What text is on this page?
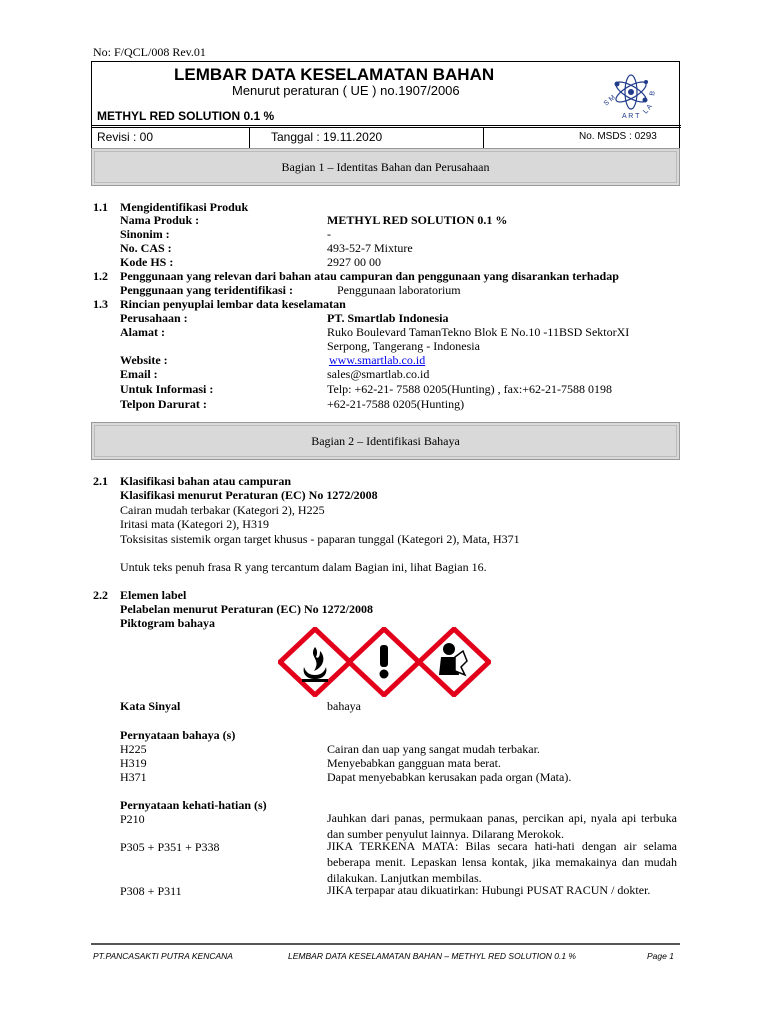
No: F/QCL/008 Rev.01
LEMBAR DATA KESELAMATAN BAHAN
Menurut peraturan ( UE ) no.1907/2006
METHYL RED SOLUTION 0.1 %
Revisi : 00	Tanggal : 19.11.2020	No. MSDS : 0293
S M
A R T
L A
B
Bagian 1 – Identitas Bahan dan Perusahaan
1.1 Mengidentifikasi Produk
Nama Produk :	METHYL RED SOLUTION 0.1 %
Sinonim :	-
No. CAS :	493-52-7 Mixture
Kode HS :	2927 00 00
1.2 Penggunaan yang relevan dari bahan atau campuran dan penggunaan yang disarankan terhadap
Penggunaan yang teridentifikasi :	Penggunaan laboratorium
1.3 Rincian penyuplai lembar data keselamatan
Perusahaan :	PT. Smartlab Indonesia
Alamat :	Ruko Boulevard TamanTekno Blok E No.10 -11BSD SektorXI
Serpong, Tangerang - Indonesia
Website :	www.smartlab.co.id
Email :	sales@smartlab.co.id
Untuk Informasi :	Telp: +62-21- 7588 0205(Hunting) , fax:+62-21-7588 0198
Telpon Darurat :	+62-21-7588 0205(Hunting)
Bagian 2 – Identifikasi Bahaya
2.1 Klasifikasi bahan atau campuran
Klasifikasi menurut Peraturan (EC) No 1272/2008
Cairan mudah terbakar (Kategori 2), H225
Iritasi mata (Kategori 2), H319
Toksisitas sistemik organ target khusus - paparan tunggal (Kategori 2), Mata, H371
Untuk teks penuh frasa R yang tercantum dalam Bagian ini, lihat Bagian 16.
2.2 Elemen label
Pelabelan menurut Peraturan (EC) No 1272/2008
Piktogram bahaya
Kata Sinyal	bahaya
Pernyataan bahaya (s)
H225	Cairan dan uap yang sangat mudah terbakar.
H319	Menyebabkan gangguan mata berat.
H371	Dapat menyebabkan kerusakan pada organ (Mata).
Pernyataan kehati-hatian (s)
P210	Jauhkan dari panas, permukaan panas, percikan api, nyala api terbuka dan sumber penyulut lainnya. Dilarang Merokok.
P305 + P351 + P338	JIKA TERKENA MATA: Bilas secara hati-hati dengan air selama beberapa menit. Lepaskan lensa kontak, jika memakainya dan mudah dilakukan. Lanjutkan membilas.
P308 + P311	JIKA terpapar atau dikuatirkan: Hubungi PUSAT RACUN / dokter.
PT.PANCASAKTI PUTRA KENCANA	LEMBAR DATA KESELAMATAN BAHAN – METHYL RED SOLUTION 0.1 %	Page 1
